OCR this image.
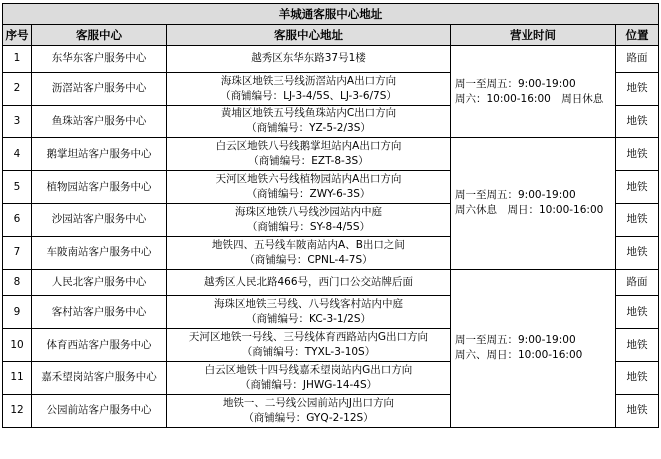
羊城通客服中心地址				
序号	客服中心	客服中心地址	营业时间	位置
1	东华东客户服务中心	越秀区东华东路37号1楼	周一至周五：9:00-19:00
周六：10:00-16:00　周日休息	路面
2	沥滘站客户服务中心	海珠区地铁三号线沥滘站内A出口方向
（商铺编号：LJ-3-4/5S、LJ-3-6/7S）		地铁
3	鱼珠站客户服务中心	黄埔区地铁五号线鱼珠站内C出口方向
（商铺编号：YZ-5-2/3S）		地铁
4	鹅掌坦站客户服务中心	白云区地铁八号线鹅掌坦站内A出口方向
（商铺编号：EZT-8-3S）	周一至周五：9:00-19:00
周六休息　周日：10:00-16:00	地铁
5	植物园站客户服务中心	天河区地铁六号线植物园站内A出口方向
（商铺编号：ZWY-6-3S）		地铁
6	沙园站客户服务中心	海珠区地铁八号线沙园站内中庭
（商铺编号：SY-8-4/5S）		地铁
7	车陂南站客户服务中心	地铁四、五号线车陂南站内A、B出口之间
（商铺编号：CPNL-4-7S）		地铁
8	人民北客户服务中心	越秀区人民北路466号，西门口公交站牌后面	周一至周五：9:00-19:00
周六、周日：10:00-16:00	路面
9	客村站客户服务中心	海珠区地铁三号线、八号线客村站内中庭
（商铺编号：KC-3-1/2S）		地铁
10	体育西站客户服务中心	天河区地铁一号线、三号线体育西路站内G出口方向
（商铺编号：TYXL-3-10S）		地铁
11	嘉禾望岗站客户服务中心	白云区地铁十四号线嘉禾望岗站内G出口方向
（商铺编号：JHWG-14-4S）		地铁
12	公园前站客户服务中心	地铁一、二号线公园前站内J出口方向
（商铺编号：GYQ-2-12S）		地铁
